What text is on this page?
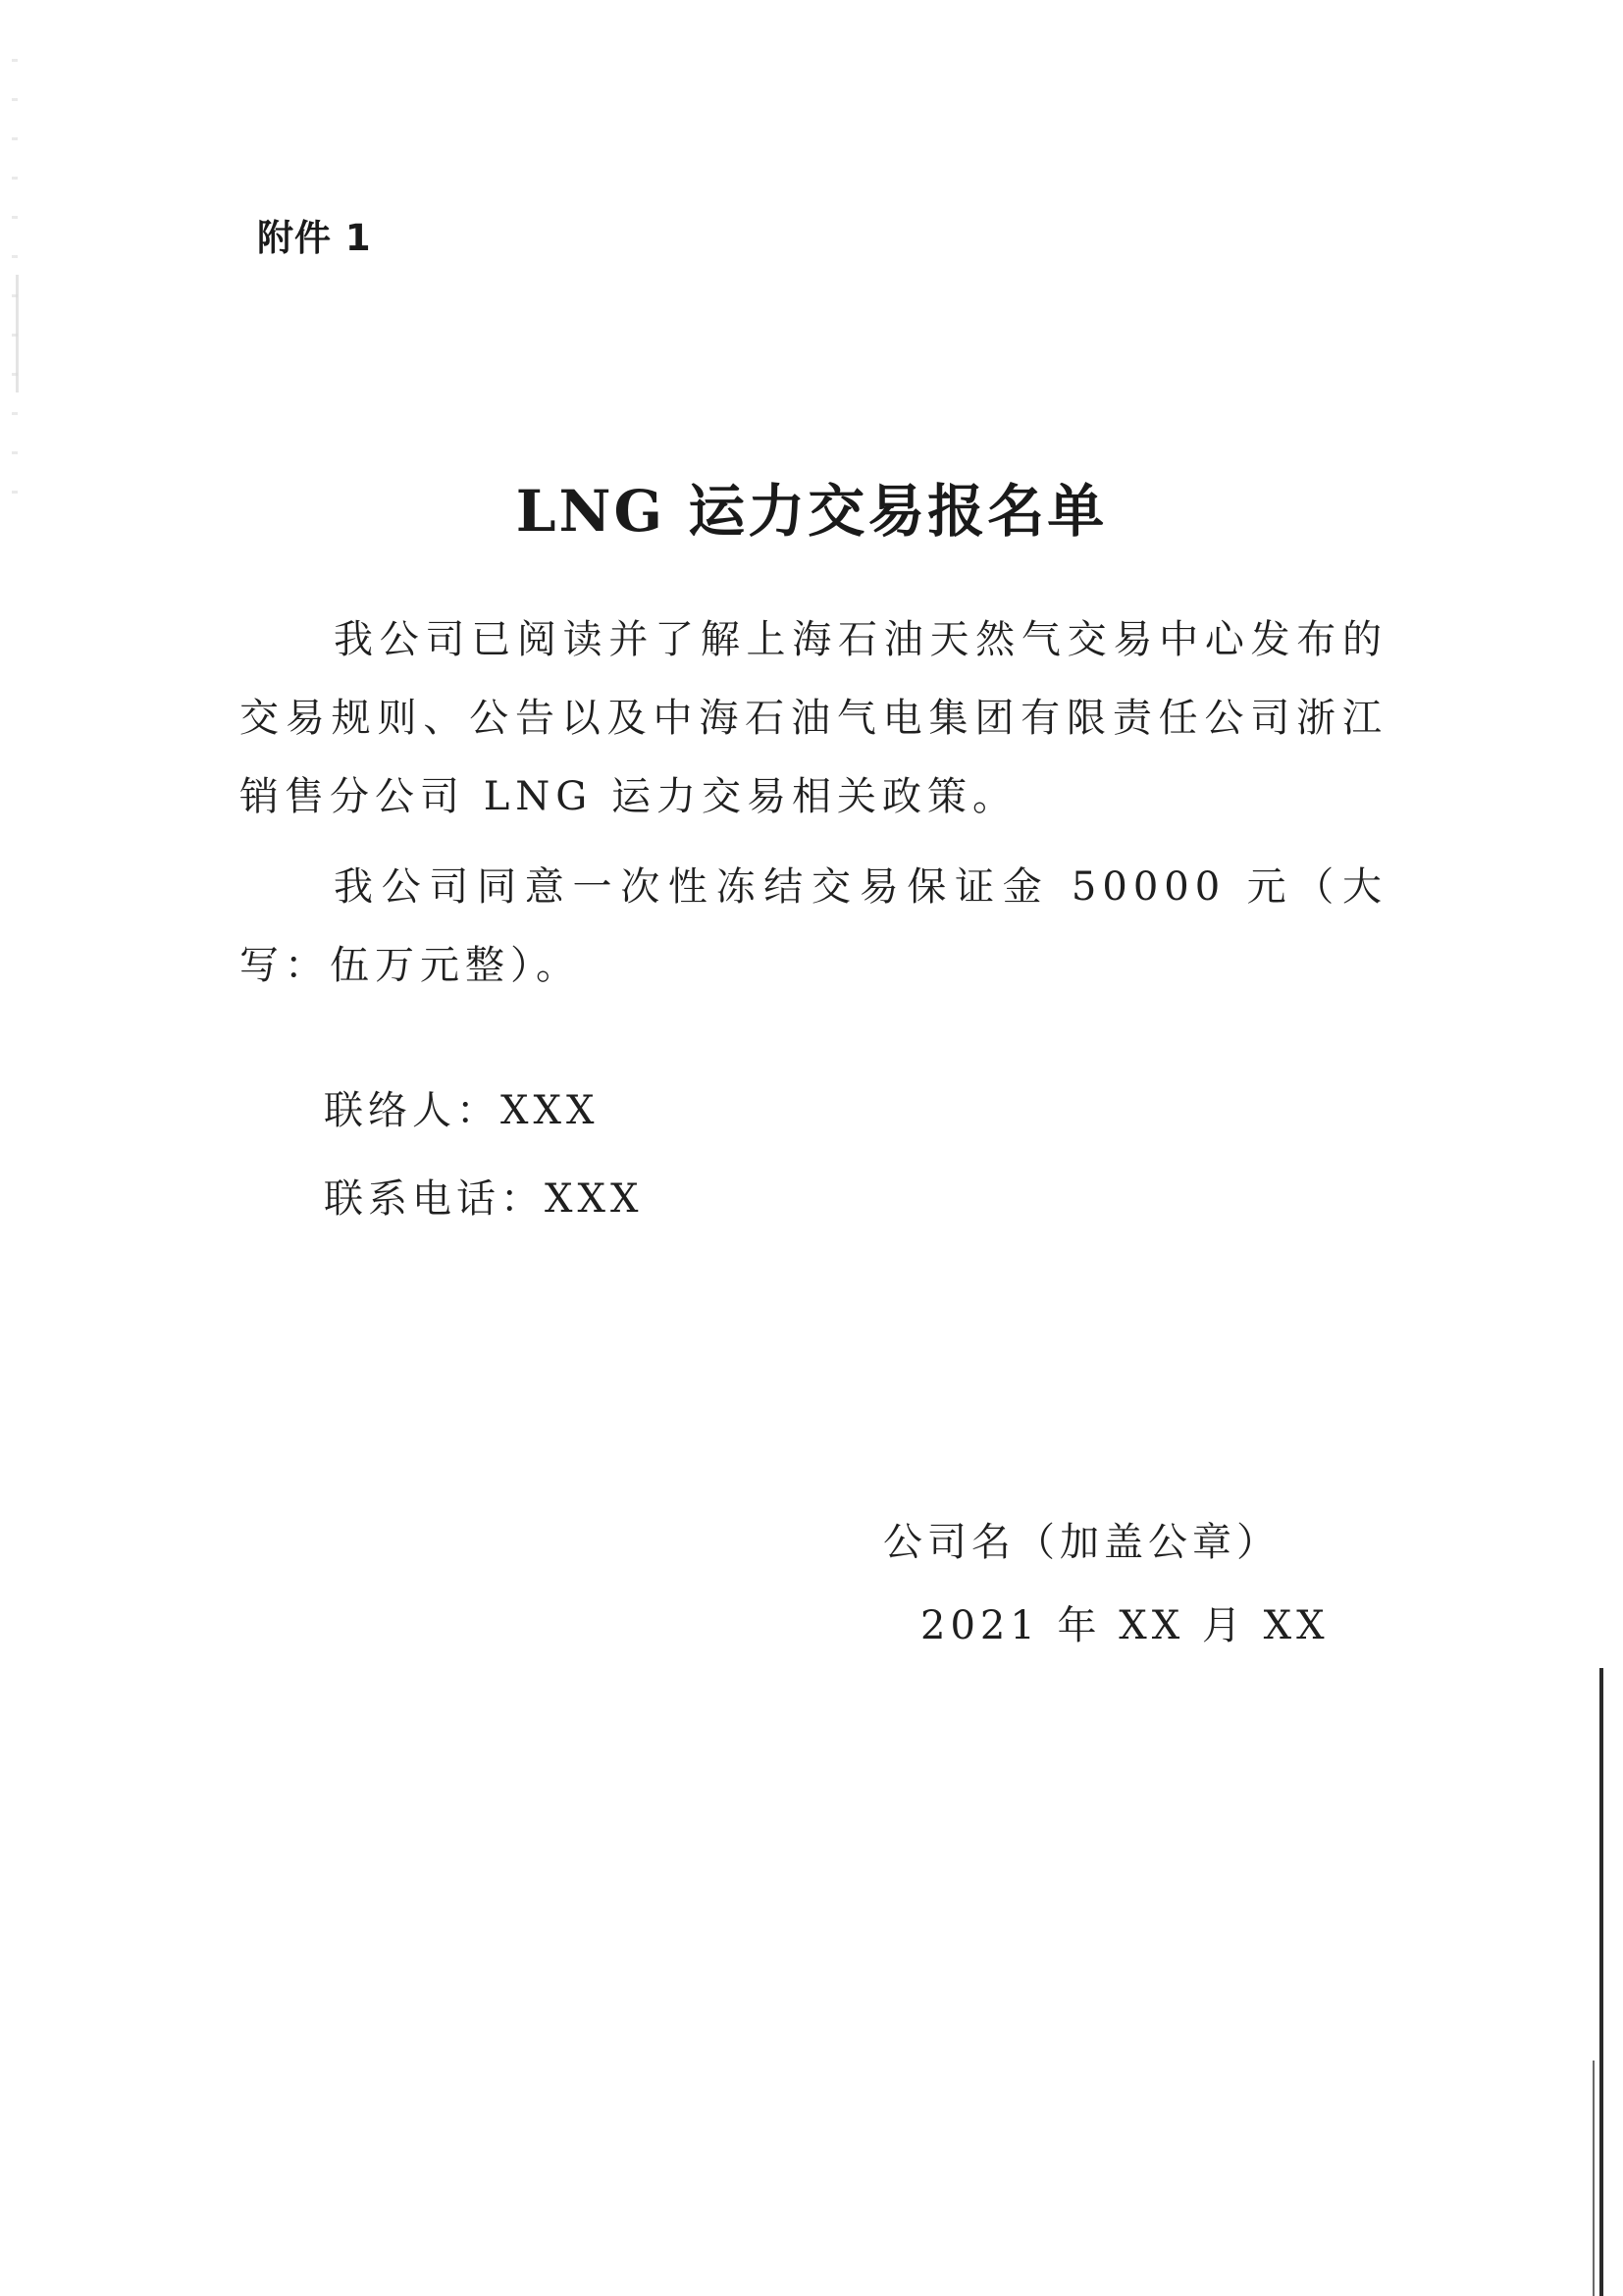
附件 1
LNG 运力交易报名单
我公司已阅读并了解上海石油天然气交易中心发布的交易规则、公告以及中海石油气电集团有限责任公司浙江销售分公司 LNG 运力交易相关政策。
我公司同意一次性冻结交易保证金 50000 元（大写：伍万元整）。
联络人：XXX
联系电话：XXX
公司名（加盖公章）
2021 年 XX 月 XX
